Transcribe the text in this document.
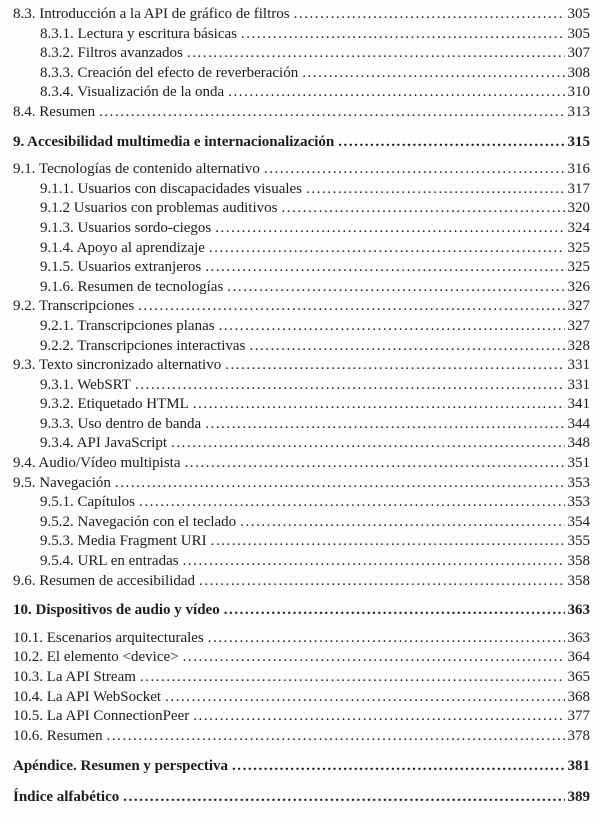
8.3. Introducción a la API de gráfico de filtros .....	305
8.3.1. Lectura y escritura básicas .....	305
8.3.2. Filtros avanzados .....	307
8.3.3. Creación del efecto de reverberación .....	308
8.3.4. Visualización de la onda .....	310
8.4. Resumen .....	313
9. Accesibilidad multimedia e internacionalización .....	315
9.1. Tecnologías de contenido alternativo .....	316
9.1.1. Usuarios con discapacidades visuales .....	317
9.1.2 Usuarios con problemas auditivos .....	320
9.1.3. Usuarios sordo-ciegos .....	324
9.1.4. Apoyo al aprendizaje .....	325
9.1.5. Usuarios extranjeros .....	325
9.1.6. Resumen de tecnologías .....	326
9.2. Transcripciones .....	327
9.2.1. Transcripciones planas .....	327
9.2.2. Transcripciones interactivas .....	328
9.3. Texto sincronizado alternativo .....	331
9.3.1. WebSRT .....	331
9.3.2. Etiquetado HTML .....	341
9.3.3. Uso dentro de banda .....	344
9.3.4. API JavaScript .....	348
9.4. Audio/Vídeo multipista .....	351
9.5. Navegación .....	353
9.5.1. Capítulos .....	353
9.5.2. Navegación con el teclado .....	354
9.5.3. Media Fragment URI .....	355
9.5.4. URL en entradas .....	358
9.6. Resumen de accesibilidad .....	358
10. Dispositivos de audio y vídeo .....	363
10.1. Escenarios arquitecturales .....	363
10.2. El elemento <device> .....	364
10.3. La API Stream .....	365
10.4. La API WebSocket .....	368
10.5. La API ConnectionPeer .....	377
10.6. Resumen .....	378
Apéndice. Resumen y perspectiva .....	381
Índice alfabético .....	389
